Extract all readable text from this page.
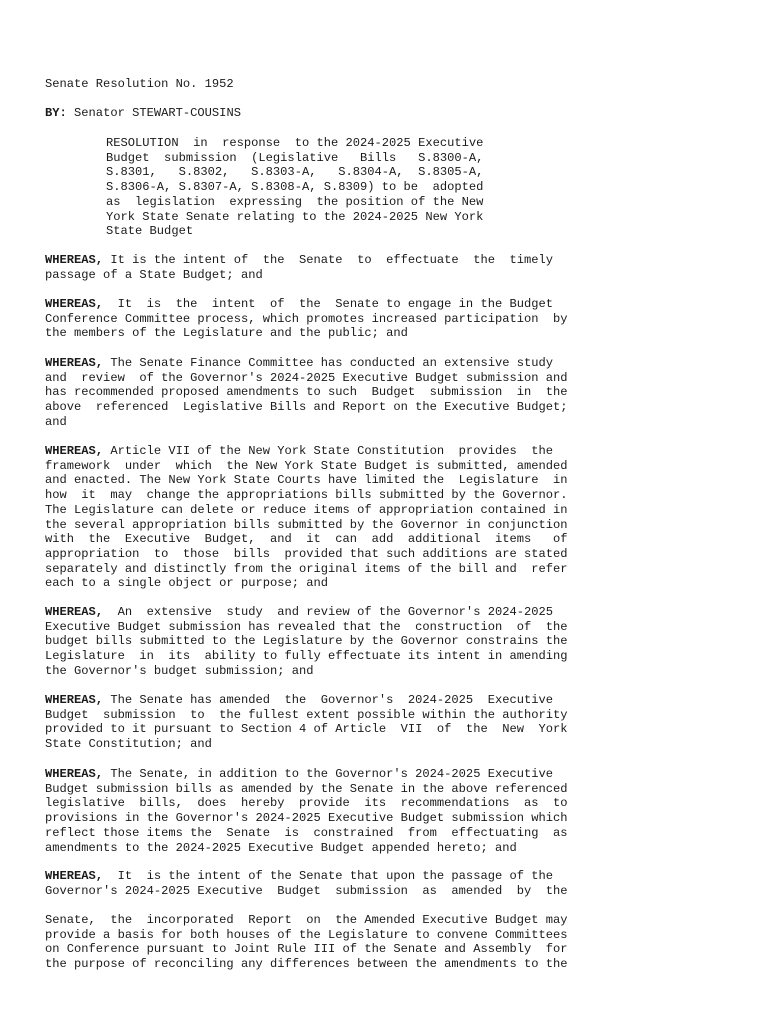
Senate Resolution No. 1952
BY: Senator STEWART-COUSINS
RESOLUTION  in  response  to the 2024-2025 Executive
Budget  submission  (Legislative   Bills   S.8300-A,
S.8301,   S.8302,   S.8303-A,   S.8304-A,  S.8305-A,
S.8306-A, S.8307-A, S.8308-A, S.8309) to be  adopted
as  legislation  expressing  the position of the New
York State Senate relating to the 2024-2025 New York
State Budget
WHEREAS, It is the intent of  the  Senate  to  effectuate  the  timely
passage of a State Budget; and
WHEREAS,  It  is  the  intent  of  the  Senate to engage in the Budget
Conference Committee process, which promotes increased participation  by
the members of the Legislature and the public; and
WHEREAS, The Senate Finance Committee has conducted an extensive study
and  review  of the Governor's 2024-2025 Executive Budget submission and
has recommended proposed amendments to such  Budget  submission  in  the
above  referenced  Legislative Bills and Report on the Executive Budget;
and
WHEREAS, Article VII of the New York State Constitution  provides  the
framework  under  which  the New York State Budget is submitted, amended
and enacted. The New York State Courts have limited the  Legislature  in
how  it  may  change the appropriations bills submitted by the Governor.
The Legislature can delete or reduce items of appropriation contained in
the several appropriation bills submitted by the Governor in conjunction
with  the  Executive  Budget,  and  it  can  add  additional  items   of
appropriation  to  those  bills  provided that such additions are stated
separately and distinctly from the original items of the bill and  refer
each to a single object or purpose; and
WHEREAS,  An  extensive  study  and review of the Governor's 2024-2025
Executive Budget submission has revealed that the  construction  of  the
budget bills submitted to the Legislature by the Governor constrains the
Legislature  in  its  ability to fully effectuate its intent in amending
the Governor's budget submission; and
WHEREAS, The Senate has amended  the  Governor's  2024-2025  Executive
Budget  submission  to  the fullest extent possible within the authority
provided to it pursuant to Section 4 of Article  VII  of  the  New  York
State Constitution; and
WHEREAS, The Senate, in addition to the Governor's 2024-2025 Executive
Budget submission bills as amended by the Senate in the above referenced
legislative  bills,  does  hereby  provide  its  recommendations  as  to
provisions in the Governor's 2024-2025 Executive Budget submission which
reflect those items the  Senate  is  constrained  from  effectuating  as
amendments to the 2024-2025 Executive Budget appended hereto; and
WHEREAS,  It  is the intent of the Senate that upon the passage of the
Governor's 2024-2025 Executive  Budget  submission  as  amended  by  the
Senate,  the  incorporated  Report  on  the Amended Executive Budget may
provide a basis for both houses of the Legislature to convene Committees
on Conference pursuant to Joint Rule III of the Senate and Assembly  for
the purpose of reconciling any differences between the amendments to the
